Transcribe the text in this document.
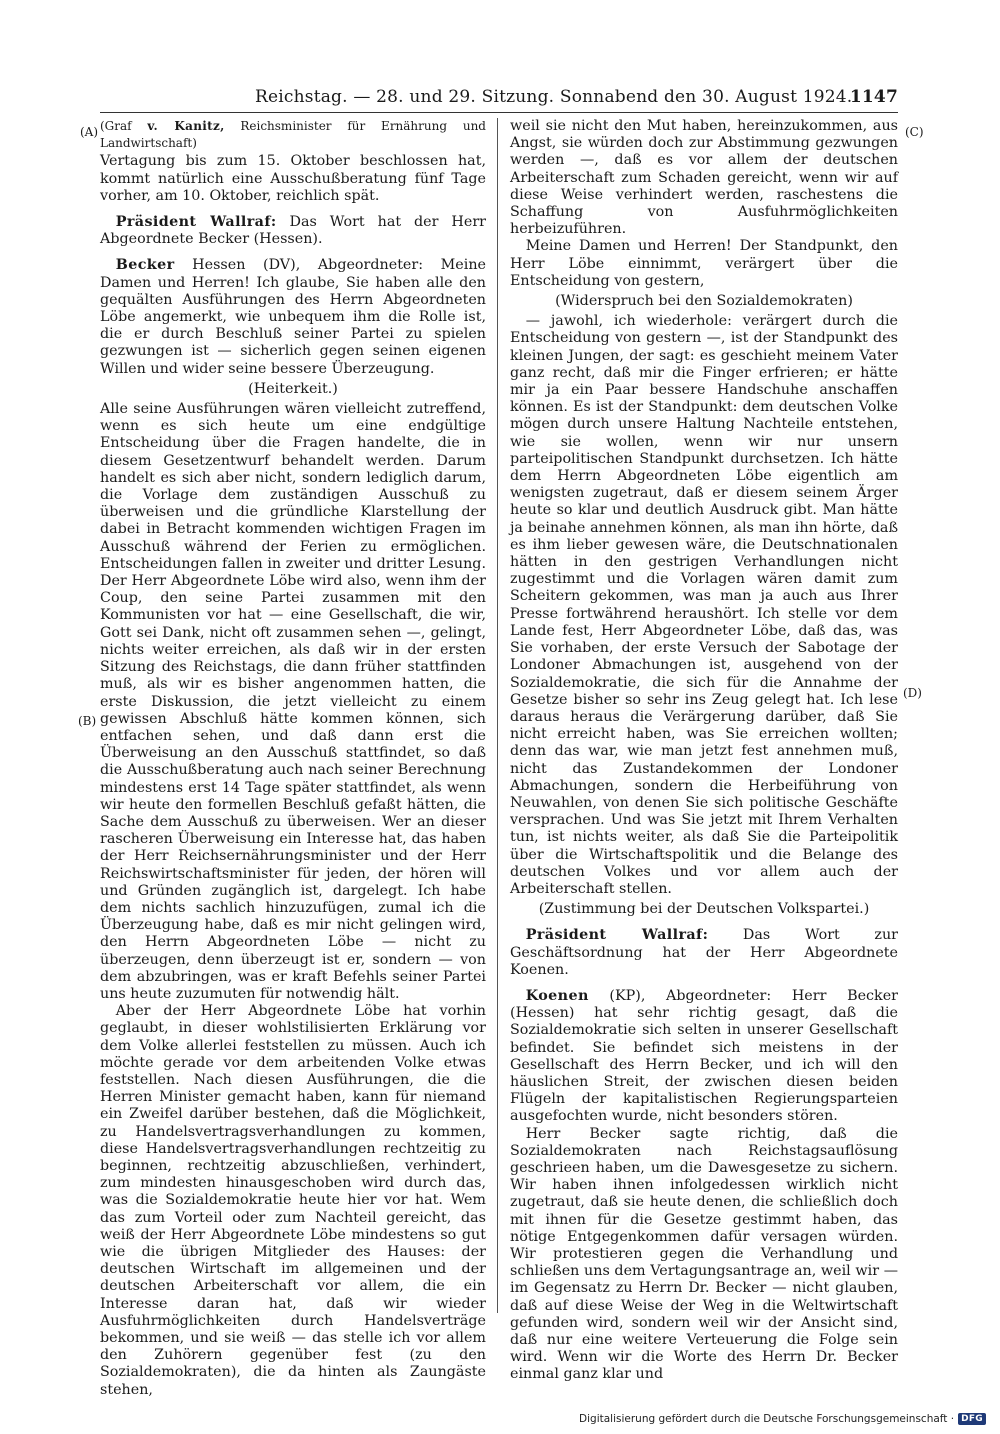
Reichstag. — 28. und 29. Sitzung. Sonnabend den 30. August 1924.
1147
(A)
(B)
(C)
(D)

(Graf v. Kanitz, Reichsminister für Ernährung und Landwirtschaft)

Vertagung bis zum 15. Oktober beschlossen hat, kommt natürlich eine Ausschußberatung fünf Tage vorher, am 10. Oktober, reichlich spät.

Präsident Wallraf: Das Wort hat der Herr Abgeordnete Becker (Hessen).

Becker Hessen (DV), Abgeordneter: Meine Damen und Herren! Ich glaube, Sie haben alle den gequälten Ausführungen des Herrn Abgeordneten Löbe angemerkt, wie unbequem ihm die Rolle ist, die er durch Beschluß seiner Partei zu spielen gezwungen ist — sicherlich gegen seinen eigenen Willen und wider seine bessere Überzeugung.

(Heiterkeit.)

Alle seine Ausführungen wären vielleicht zutreffend, wenn es sich heute um eine endgültige Entscheidung über die Fragen handelte, die in diesem Gesetzentwurf behandelt werden. Darum handelt es sich aber nicht, sondern lediglich darum, die Vorlage dem zuständigen Ausschuß zu überweisen und die gründliche Klarstellung der dabei in Betracht kommenden wichtigen Fragen im Ausschuß während der Ferien zu ermöglichen. Entscheidungen fallen in zweiter und dritter Lesung. Der Herr Abgeordnete Löbe wird also, wenn ihm der Coup, den seine Partei zusammen mit den Kommunisten vor hat — eine Gesellschaft, die wir, Gott sei Dank, nicht oft zusammen sehen —, gelingt, nichts weiter erreichen, als daß wir in der ersten Sitzung des Reichstags, die dann früher stattfinden muß, als wir es bisher angenommen hatten, die erste Diskussion, die jetzt vielleicht zu einem gewissen Abschluß hätte kommen können, sich entfachen sehen, und daß dann erst die Überweisung an den Ausschuß stattfindet, so daß die Ausschußberatung auch nach seiner Berechnung mindestens erst 14 Tage später stattfindet, als wenn wir heute den formellen Beschluß gefaßt hätten, die Sache dem Ausschuß zu überweisen. Wer an dieser rascheren Überweisung ein Interesse hat, das haben der Herr Reichsernährungsminister und der Herr Reichswirtschaftsminister für jeden, der hören will und Gründen zugänglich ist, dargelegt. Ich habe dem nichts sachlich hinzuzufügen, zumal ich die Überzeugung habe, daß es mir nicht gelingen wird, den Herrn Abgeordneten Löbe — nicht zu überzeugen, denn überzeugt ist er, sondern — von dem abzubringen, was er kraft Befehls seiner Partei uns heute zuzumuten für notwendig hält.

Aber der Herr Abgeordnete Löbe hat vorhin geglaubt, in dieser wohlstilisierten Erklärung vor dem Volke allerlei feststellen zu müssen. Auch ich möchte gerade vor dem arbeitenden Volke etwas feststellen. Nach diesen Ausführungen, die die Herren Minister gemacht haben, kann für niemand ein Zweifel darüber bestehen, daß die Möglichkeit, zu Handelsvertragsverhandlungen zu kommen, diese Handelsvertragsverhandlungen rechtzeitig zu beginnen, rechtzeitig abzuschließen, verhindert, zum mindesten hinausgeschoben wird durch das, was die Sozialdemokratie heute hier vor hat. Wem das zum Vorteil oder zum Nachteil gereicht, das weiß der Herr Abgeordnete Löbe mindestens so gut wie die übrigen Mitglieder des Hauses: der deutschen Wirtschaft im allgemeinen und der deutschen Arbeiterschaft vor allem, die ein Interesse daran hat, daß wir wieder Ausfuhrmöglichkeiten durch Handelsverträge bekommen, und sie weiß — das stelle ich vor allem den Zuhörern gegenüber fest (zu den Sozialdemokraten), die da hinten als Zaungäste stehen,

weil sie nicht den Mut haben, hereinzukommen, aus Angst, sie würden doch zur Abstimmung gezwungen werden —, daß es vor allem der deutschen Arbeiterschaft zum Schaden gereicht, wenn wir auf diese Weise verhindert werden, raschestens die Schaffung von Ausfuhrmöglichkeiten herbeizuführen.

Meine Damen und Herren! Der Standpunkt, den Herr Löbe einnimmt, verärgert über die Entscheidung von gestern,

(Widerspruch bei den Sozialdemokraten)

— jawohl, ich wiederhole: verärgert durch die Entscheidung von gestern —, ist der Standpunkt des kleinen Jungen, der sagt: es geschieht meinem Vater ganz recht, daß mir die Finger erfrieren; er hätte mir ja ein Paar bessere Handschuhe anschaffen können. Es ist der Standpunkt: dem deutschen Volke mögen durch unsere Haltung Nachteile entstehen, wie sie wollen, wenn wir nur unsern parteipolitischen Standpunkt durchsetzen. Ich hätte dem Herrn Abgeordneten Löbe eigentlich am wenigsten zugetraut, daß er diesem seinem Ärger heute so klar und deutlich Ausdruck gibt. Man hätte ja beinahe annehmen können, als man ihn hörte, daß es ihm lieber gewesen wäre, die Deutschnationalen hätten in den gestrigen Verhandlungen nicht zugestimmt und die Vorlagen wären damit zum Scheitern gekommen, was man ja auch aus Ihrer Presse fortwährend heraushört. Ich stelle vor dem Lande fest, Herr Abgeordneter Löbe, daß das, was Sie vorhaben, der erste Versuch der Sabotage der Londoner Abmachungen ist, ausgehend von der Sozialdemokratie, die sich für die Annahme der Gesetze bisher so sehr ins Zeug gelegt hat. Ich lese daraus heraus die Verärgerung darüber, daß Sie nicht erreicht haben, was Sie erreichen wollten; denn das war, wie man jetzt fest annehmen muß, nicht das Zustandekommen der Londoner Abmachungen, sondern die Herbeiführung von Neuwahlen, von denen Sie sich politische Geschäfte versprachen. Und was Sie jetzt mit Ihrem Verhalten tun, ist nichts weiter, als daß Sie die Parteipolitik über die Wirtschaftspolitik und die Belange des deutschen Volkes und vor allem auch der Arbeiterschaft stellen.

(Zustimmung bei der Deutschen Volkspartei.)

Präsident Wallraf: Das Wort zur Geschäftsordnung hat der Herr Abgeordnete Koenen.

Koenen (KP), Abgeordneter: Herr Becker (Hessen) hat sehr richtig gesagt, daß die Sozialdemokratie sich selten in unserer Gesellschaft befindet. Sie befindet sich meistens in der Gesellschaft des Herrn Becker, und ich will den häuslichen Streit, der zwischen diesen beiden Flügeln der kapitalistischen Regierungsparteien ausgefochten wurde, nicht besonders stören.

Herr Becker sagte richtig, daß die Sozialdemokraten nach Reichstagsauflösung geschrieen haben, um die Dawesgesetze zu sichern. Wir haben ihnen infolgedessen wirklich nicht zugetraut, daß sie heute denen, die schließlich doch mit ihnen für die Gesetze gestimmt haben, das nötige Entgegenkommen dafür versagen würden. Wir protestieren gegen die Verhandlung und schließen uns dem Vertagungsantrage an, weil wir — im Gegensatz zu Herrn Dr. Becker — nicht glauben, daß auf diese Weise der Weg in die Weltwirtschaft gefunden wird, sondern weil wir der Ansicht sind, daß nur eine weitere Verteuerung die Folge sein wird. Wenn wir die Worte des Herrn Dr. Becker einmal ganz klar und

Digitalisierung gefördert durch die Deutsche Forschungsgemeinschaft · DFG
